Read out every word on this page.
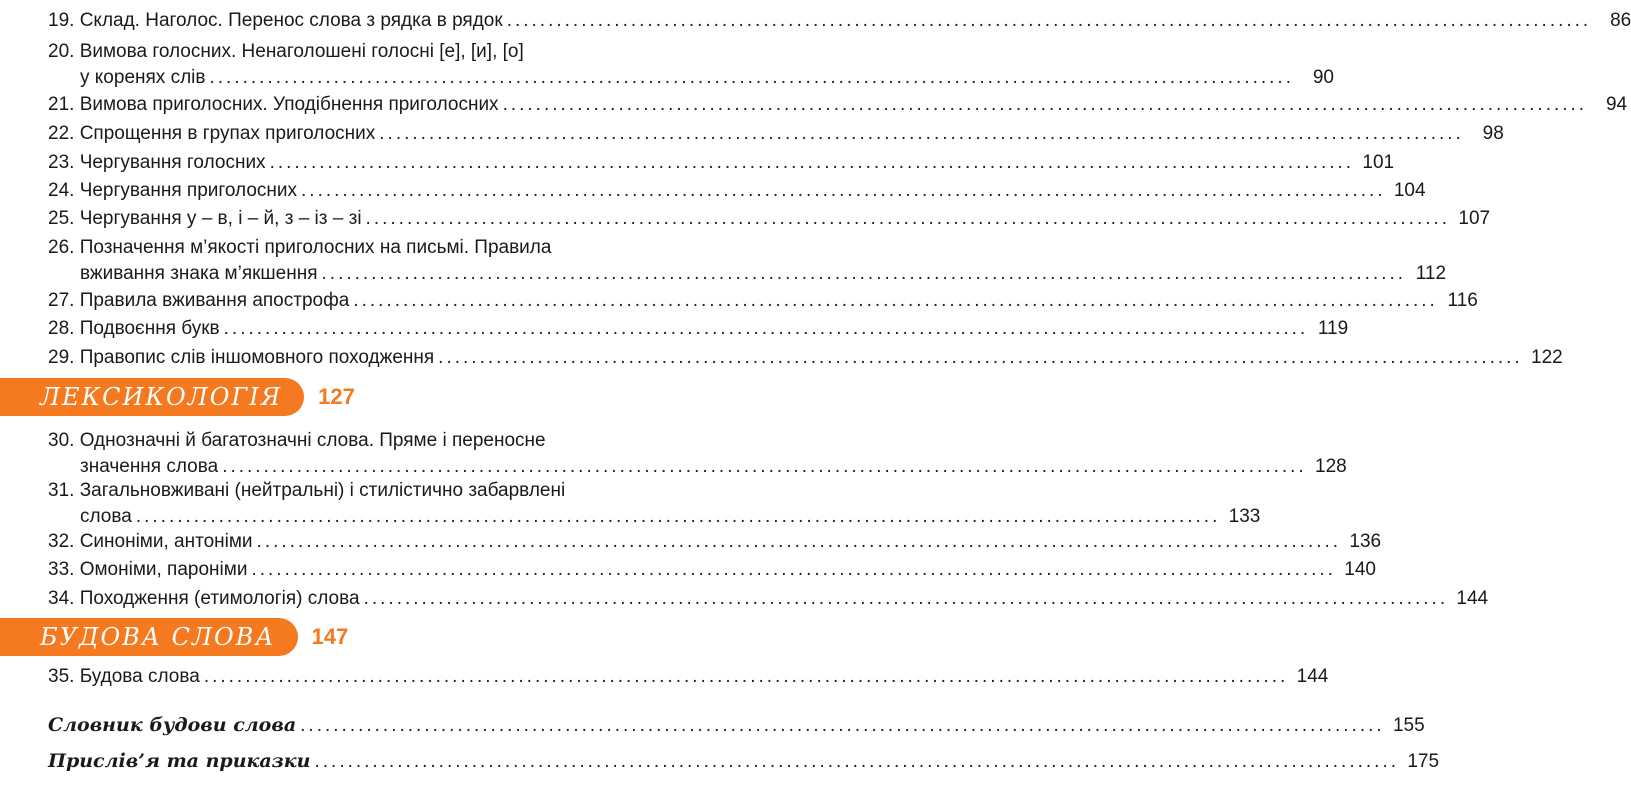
19. Склад. Наголос. Перенос слова з рядка в рядок ................................................................................................................................... 86
20. Вимова голосних. Ненаголошені голосні [е], [и], [о]
у коренях слів ................................................................................................................................... 90
21. Вимова приголосних. Уподібнення приголосних ................................................................................................................................... 94
22. Спрощення в групах приголосних ................................................................................................................................... 98
23. Чергування голосних ................................................................................................................................... 101
24. Чергування приголосних ................................................................................................................................... 104
25. Чергування у – в, і – й, з – із – зі ................................................................................................................................... 107
26. Позначення м’якості приголосних на письмі. Правила
вживання знака м’якшення ................................................................................................................................... 112
27. Правила вживання апострофа ................................................................................................................................... 116
28. Подвоєння букв ................................................................................................................................... 119
29. Правопис слів іншомовного походження ................................................................................................................................... 122
ЛЕКСИКОЛОГІЯ	127
30. Однозначні й багатозначні слова. Пряме і переносне
значення слова ................................................................................................................................... 128
31. Загальновживані (нейтральні) і стилістично забарвлені
слова ................................................................................................................................... 133
32. Синоніми, антоніми ................................................................................................................................... 136
33. Омоніми, пароніми ................................................................................................................................... 140
34. Походження (етимологія) слова ................................................................................................................................... 144
БУДОВА СЛОВА	147
35. Будова слова ................................................................................................................................... 144
Словник будови слова ................................................................................................................................... 155
Прислів’я та приказки ................................................................................................................................... 175
